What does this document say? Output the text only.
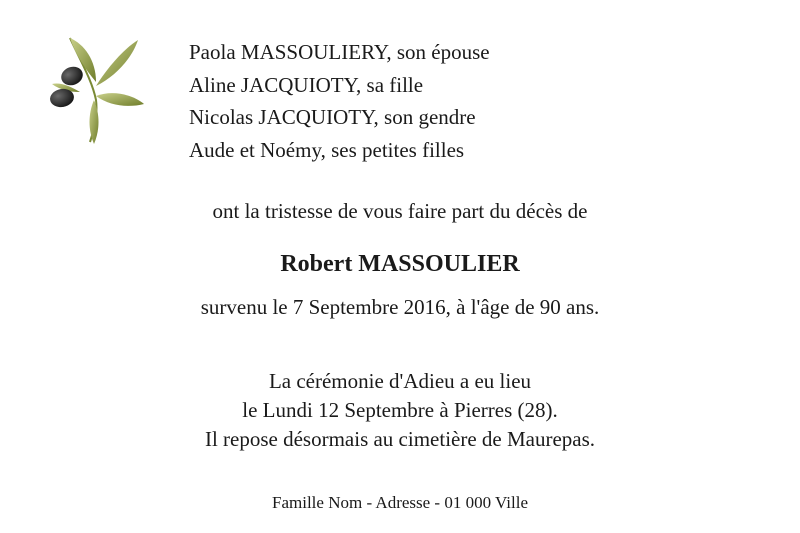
Paola MASSOULIERY, son épouse
Aline JACQUIOTY, sa fille
Nicolas JACQUIOTY, son gendre
Aude et Noémy, ses petites filles
ont la tristesse de vous faire part du décès de
Robert MASSOULIER
survenu le 7 Septembre 2016, à l'âge de 90 ans.
La cérémonie d'Adieu a eu lieu
le Lundi 12 Septembre à Pierres (28).
Il repose désormais au cimetière de Maurepas.
Famille Nom - Adresse - 01 000 Ville
